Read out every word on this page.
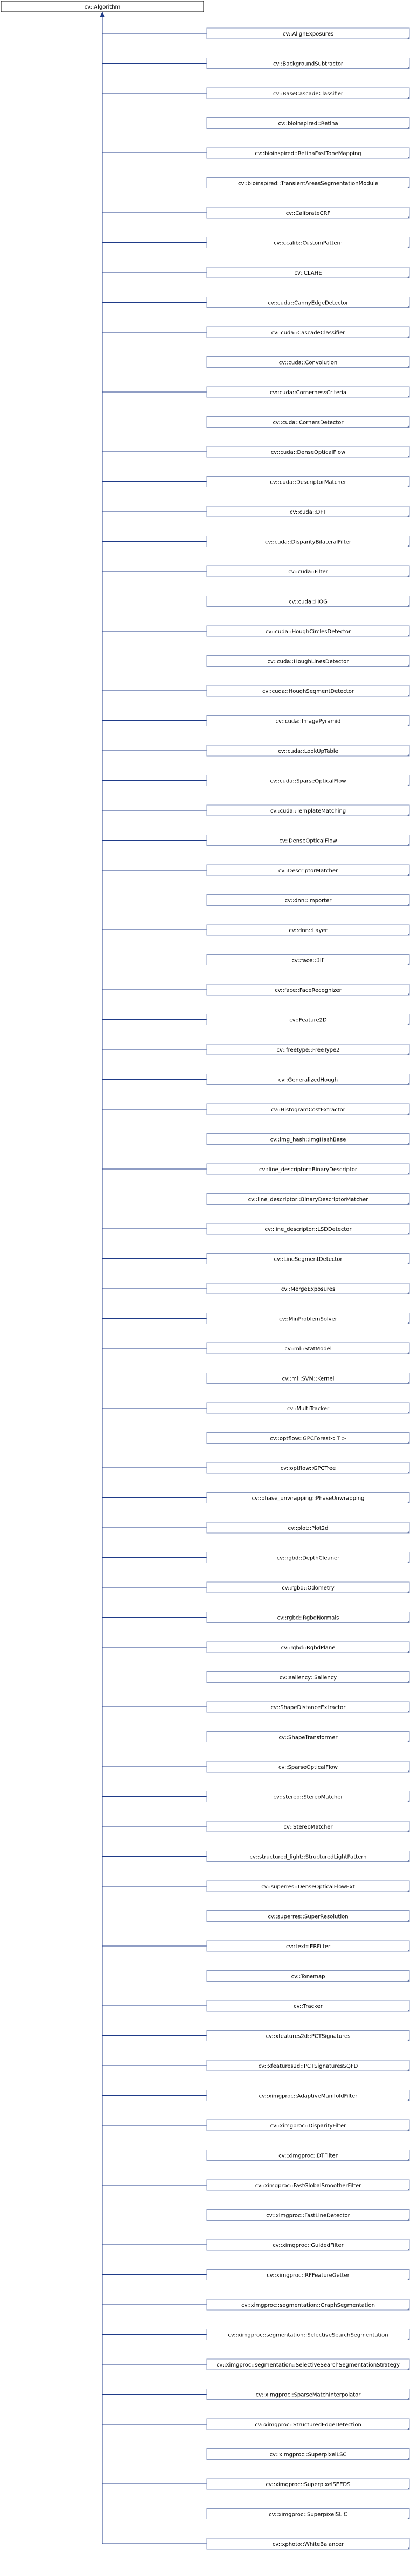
cv::Algorithm
cv::AlignExposures
cv::BackgroundSubtractor
cv::BaseCascadeClassifier
cv::bioinspired::Retina
cv::bioinspired::RetinaFastToneMapping
cv::bioinspired::TransientAreasSegmentationModule
cv::CalibrateCRF
cv::ccalib::CustomPattern
cv::CLAHE
cv::cuda::CannyEdgeDetector
cv::cuda::CascadeClassifier
cv::cuda::Convolution
cv::cuda::CornernessCriteria
cv::cuda::CornersDetector
cv::cuda::DenseOpticalFlow
cv::cuda::DescriptorMatcher
cv::cuda::DFT
cv::cuda::DisparityBilateralFilter
cv::cuda::Filter
cv::cuda::HOG
cv::cuda::HoughCirclesDetector
cv::cuda::HoughLinesDetector
cv::cuda::HoughSegmentDetector
cv::cuda::ImagePyramid
cv::cuda::LookUpTable
cv::cuda::SparseOpticalFlow
cv::cuda::TemplateMatching
cv::DenseOpticalFlow
cv::DescriptorMatcher
cv::dnn::Importer
cv::dnn::Layer
cv::face::BIF
cv::face::FaceRecognizer
cv::Feature2D
cv::freetype::FreeType2
cv::GeneralizedHough
cv::HistogramCostExtractor
cv::img_hash::ImgHashBase
cv::line_descriptor::BinaryDescriptor
cv::line_descriptor::BinaryDescriptorMatcher
cv::line_descriptor::LSDDetector
cv::LineSegmentDetector
cv::MergeExposures
cv::MinProblemSolver
cv::ml::StatModel
cv::ml::SVM::Kernel
cv::MultiTracker
cv::optflow::GPCForest< T >
cv::optflow::GPCTree
cv::phase_unwrapping::PhaseUnwrapping
cv::plot::Plot2d
cv::rgbd::DepthCleaner
cv::rgbd::Odometry
cv::rgbd::RgbdNormals
cv::rgbd::RgbdPlane
cv::saliency::Saliency
cv::ShapeDistanceExtractor
cv::ShapeTransformer
cv::SparseOpticalFlow
cv::stereo::StereoMatcher
cv::StereoMatcher
cv::structured_light::StructuredLightPattern
cv::superres::DenseOpticalFlowExt
cv::superres::SuperResolution
cv::text::ERFilter
cv::Tonemap
cv::Tracker
cv::xfeatures2d::PCTSignatures
cv::xfeatures2d::PCTSignaturesSQFD
cv::ximgproc::AdaptiveManifoldFilter
cv::ximgproc::DisparityFilter
cv::ximgproc::DTFilter
cv::ximgproc::FastGlobalSmootherFilter
cv::ximgproc::FastLineDetector
cv::ximgproc::GuidedFilter
cv::ximgproc::RFFeatureGetter
cv::ximgproc::segmentation::GraphSegmentation
cv::ximgproc::segmentation::SelectiveSearchSegmentation
cv::ximgproc::segmentation::SelectiveSearchSegmentationStrategy
cv::ximgproc::SparseMatchInterpolator
cv::ximgproc::StructuredEdgeDetection
cv::ximgproc::SuperpixelLSC
cv::ximgproc::SuperpixelSEEDS
cv::ximgproc::SuperpixelSLIC
cv::xphoto::WhiteBalancer
